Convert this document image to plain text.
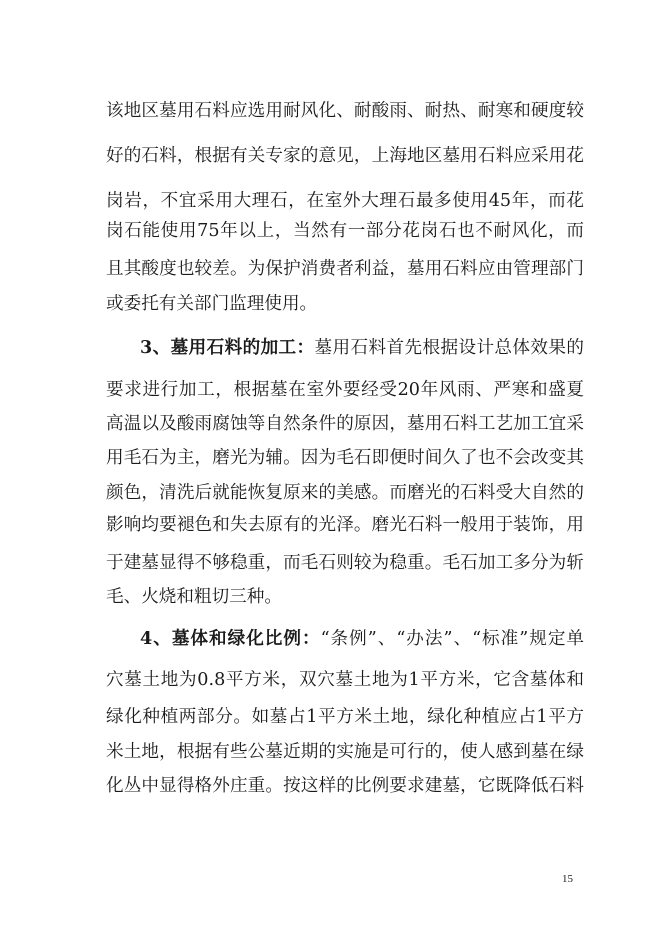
该地区墓用石料应选用耐风化、耐酸雨、耐热、耐寒和硬度较
好的石料，根据有关专家的意见，上海地区墓用石料应采用花
岗岩，不宜采用大理石，在室外大理石最多使用45年，而花
岗石能使用75年以上，当然有一部分花岗石也不耐风化，而
且其酸度也较差。为保护消费者利益，墓用石料应由管理部门
或委托有关部门监理使用。
3、墓用石料的加工：墓用石料首先根据设计总体效果的
要求进行加工，根据墓在室外要经受20年风雨、严寒和盛夏
高温以及酸雨腐蚀等自然条件的原因，墓用石料工艺加工宜采
用毛石为主，磨光为辅。因为毛石即便时间久了也不会改变其
颜色，清洗后就能恢复原来的美感。而磨光的石料受大自然的
影响均要褪色和失去原有的光泽。磨光石料一般用于装饰，用
于建墓显得不够稳重，而毛石则较为稳重。毛石加工多分为斩
毛、火烧和粗切三种。
4、墓体和绿化比例：“条例”、“办法”、“标准”规定单
穴墓土地为0.8平方米，双穴墓土地为1平方米，它含墓体和
绿化种植两部分。如墓占1平方米土地，绿化种植应占1平方
米土地，根据有些公墓近期的实施是可行的，使人感到墓在绿
化丛中显得格外庄重。按这样的比例要求建墓，它既降低石料
15
